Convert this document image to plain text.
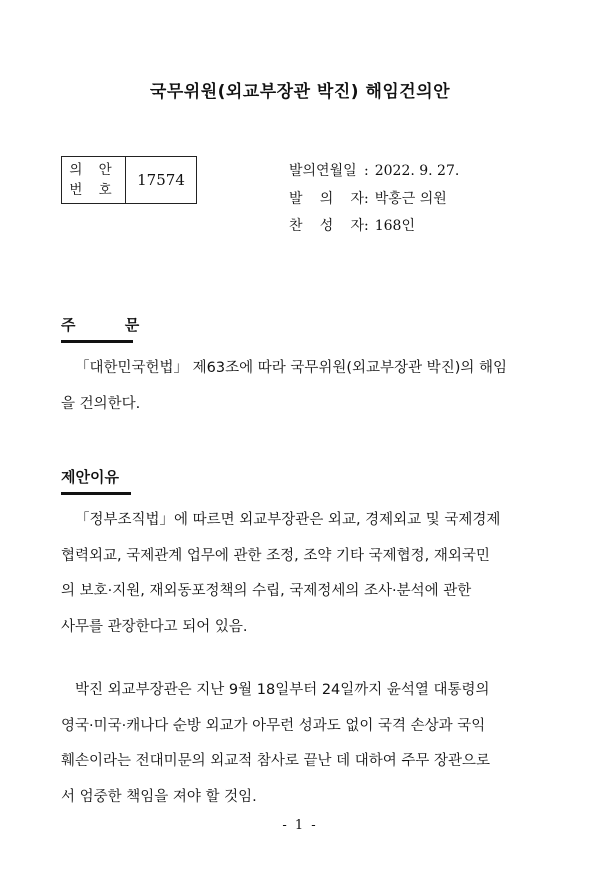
국무위원(외교부장관 박진) 해임건의안
의 안
번 호
17574	발의연월일 : 2022. 9. 27.
발 의 자: 박홍근 의원
찬 성 자: 168인
주 문
「대한민국헌법」 제63조에 따라 국무위원(외교부장관 박진)의 해임
을 건의한다.
제안이유
「정부조직법」에 따르면 외교부장관은 외교, 경제외교 및 국제경제
협력외교, 국제관계 업무에 관한 조정, 조약 기타 국제협정, 재외국민
의 보호·지원, 재외동포정책의 수립, 국제정세의 조사·분석에 관한
사무를 관장한다고 되어 있음.
박진 외교부장관은 지난 9월 18일부터 24일까지 윤석열 대통령의
영국·미국·캐나다 순방 외교가 아무런 성과도 없이 국격 손상과 국익
훼손이라는 전대미문의 외교적 참사로 끝난 데 대하여 주무 장관으로
서 엄중한 책임을 져야 할 것임.
- 1 -
